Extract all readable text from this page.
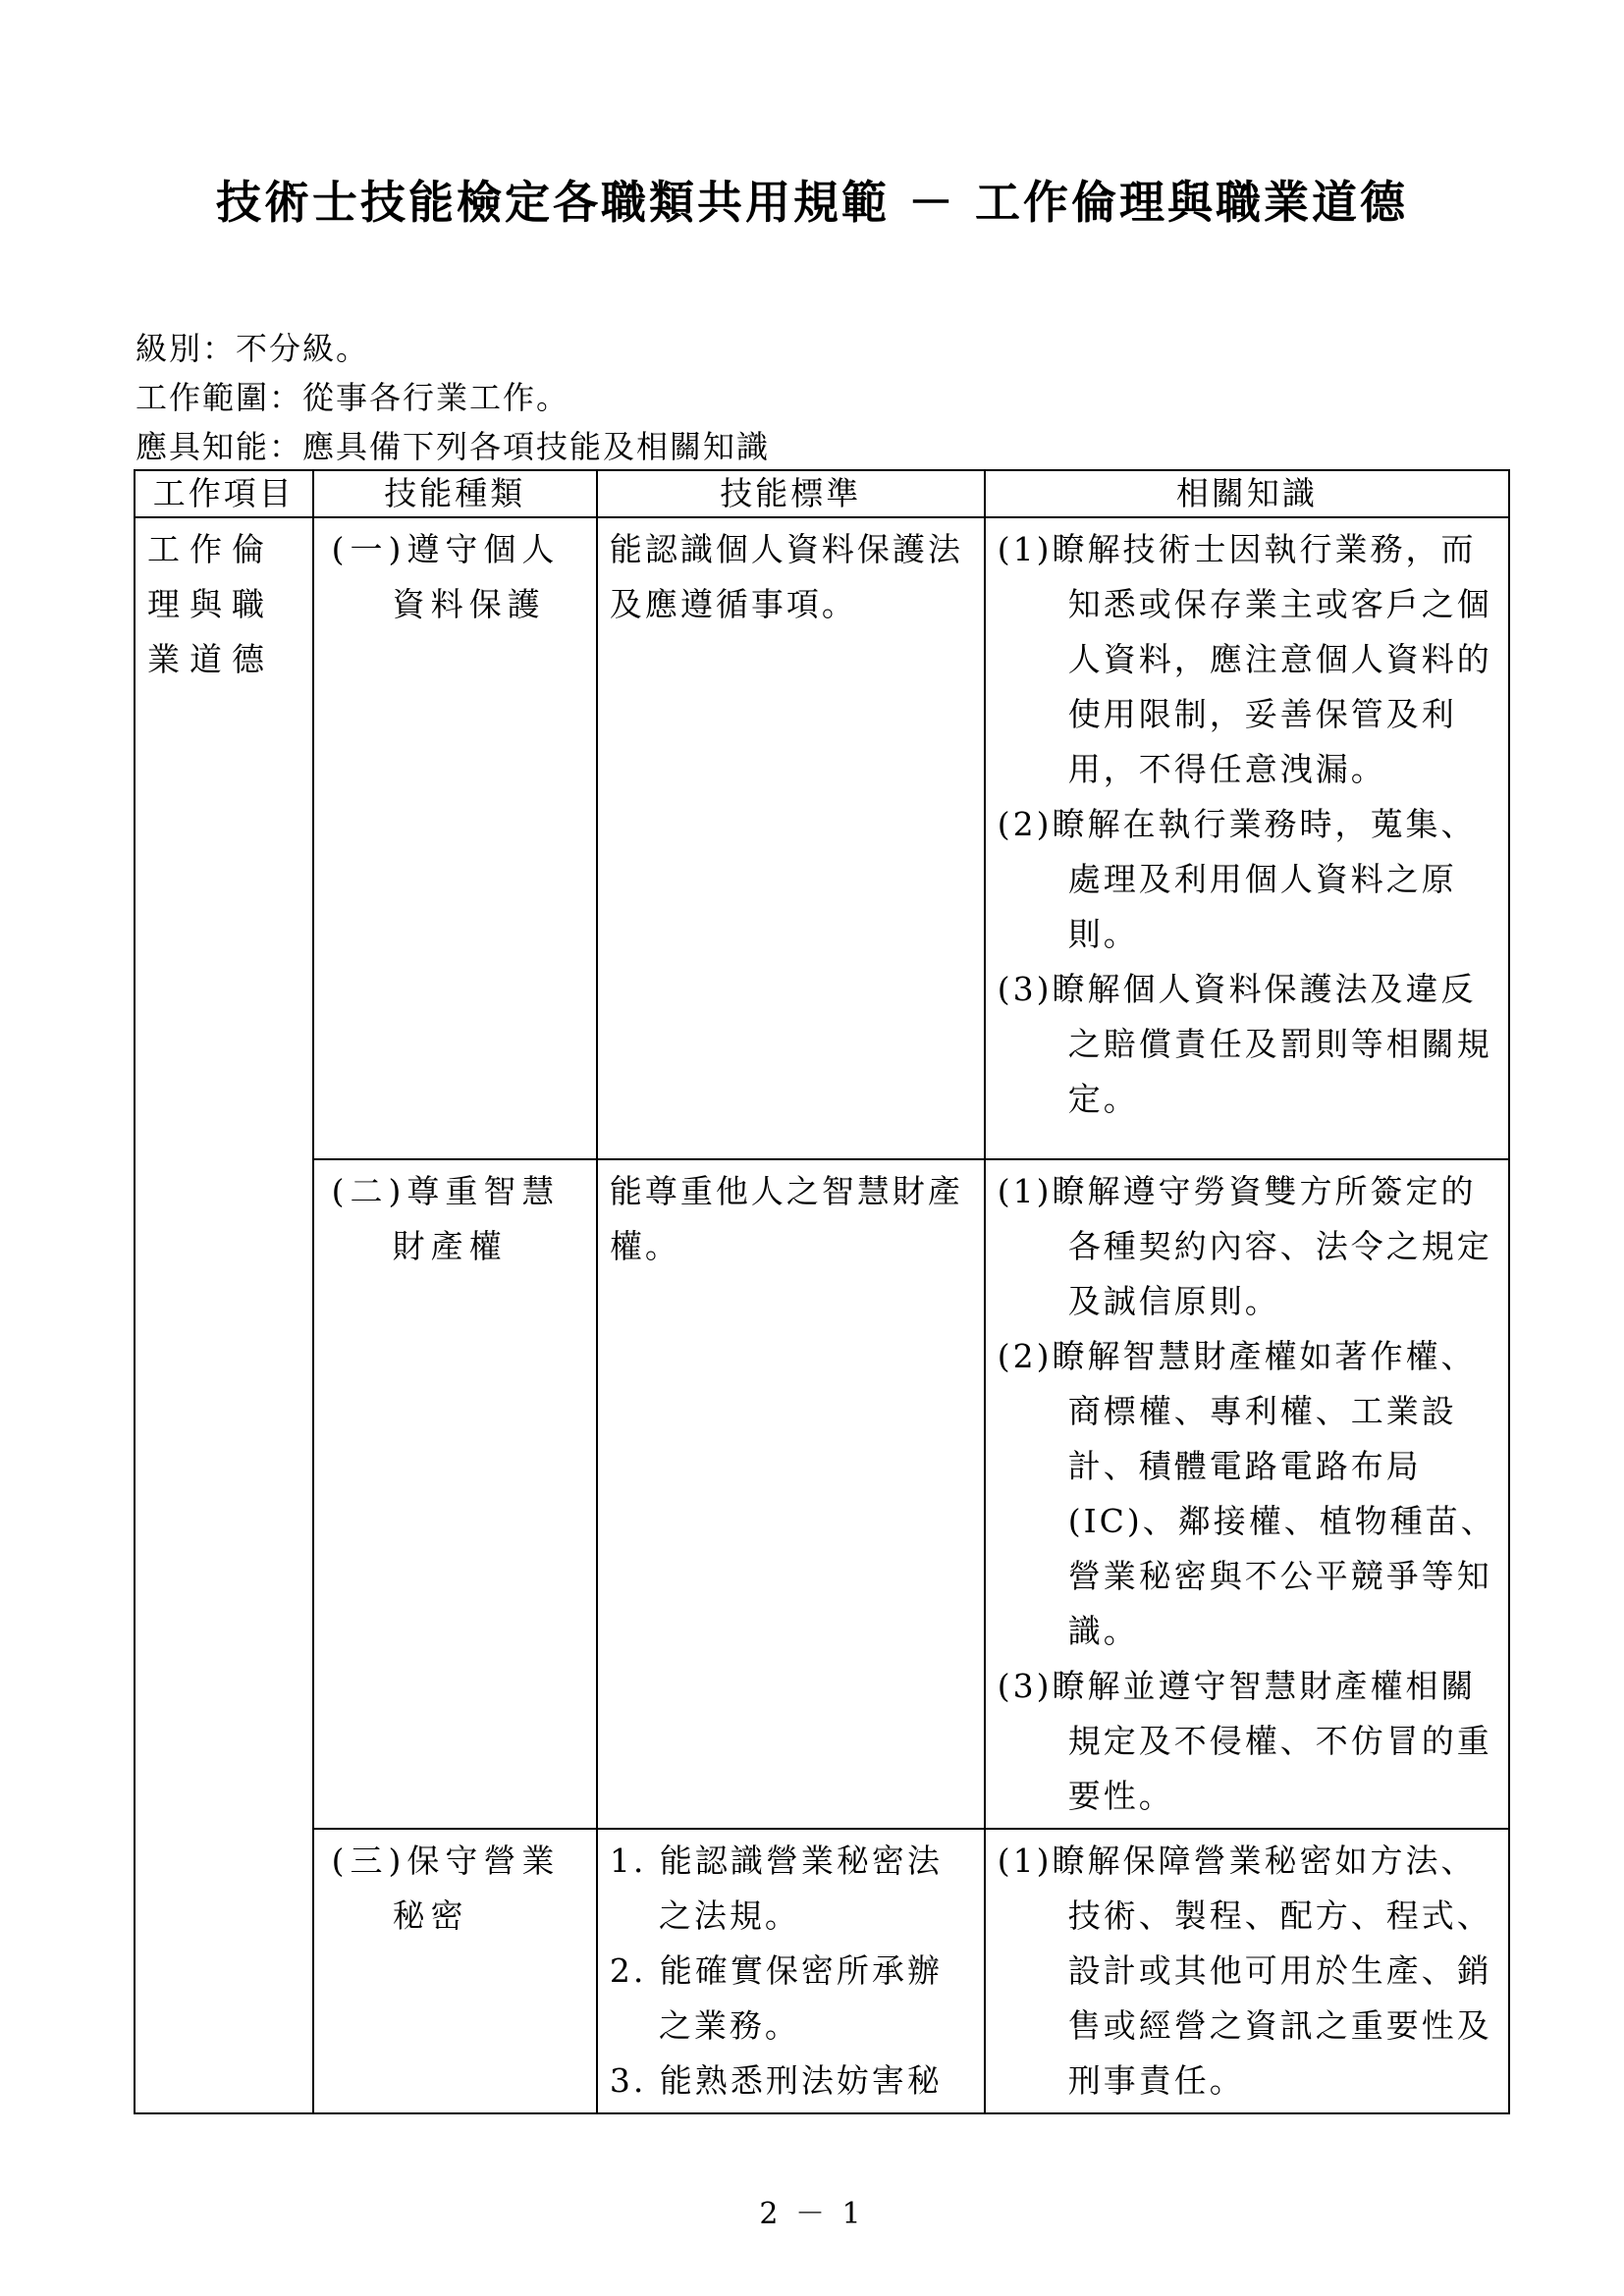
技術士技能檢定各職類共用規範 － 工作倫理與職業道德
級別：不分級。
工作範圍：從事各行業工作。
應具知能：應具備下列各項技能及相關知識
工作項目	技能種類	技能標準	相關知識
工作倫理與職業道德	(一)遵守個人資料保護	能認識個人資料保護法及應遵循事項。	(1)瞭解技術士因執行業務，而知悉或保存業主或客戶之個人資料，應注意個人資料的使用限制，妥善保管及利用，不得任意洩漏。
(2)瞭解在執行業務時，蒐集、處理及利用個人資料之原則。
(3)瞭解個人資料保護法及違反之賠償責任及罰則等相關規定。

	(二)尊重智慧財產權	能尊重他人之智慧財產權。	(1)瞭解遵守勞資雙方所簽定的各種契約內容、法令之規定及誠信原則。
(2)瞭解智慧財產權如著作權、商標權、專利權、工業設計、積體電路電路布局(IC)、鄰接權、植物種苗、營業秘密與不公平競爭等知識。
(3)瞭解並遵守智慧財產權相關規定及不侵權、不仿冒的重要性。

	(三)保守營業秘密	1. 能認識營業秘密法之法規。
2. 能確實保密所承辦之業務。
3. 能熟悉刑法妨害秘	(1)瞭解保障營業秘密如方法、技術、製程、配方、程式、設計或其他可用於生產、銷售或經營之資訊之重要性及刑事責任。
2 － 1
